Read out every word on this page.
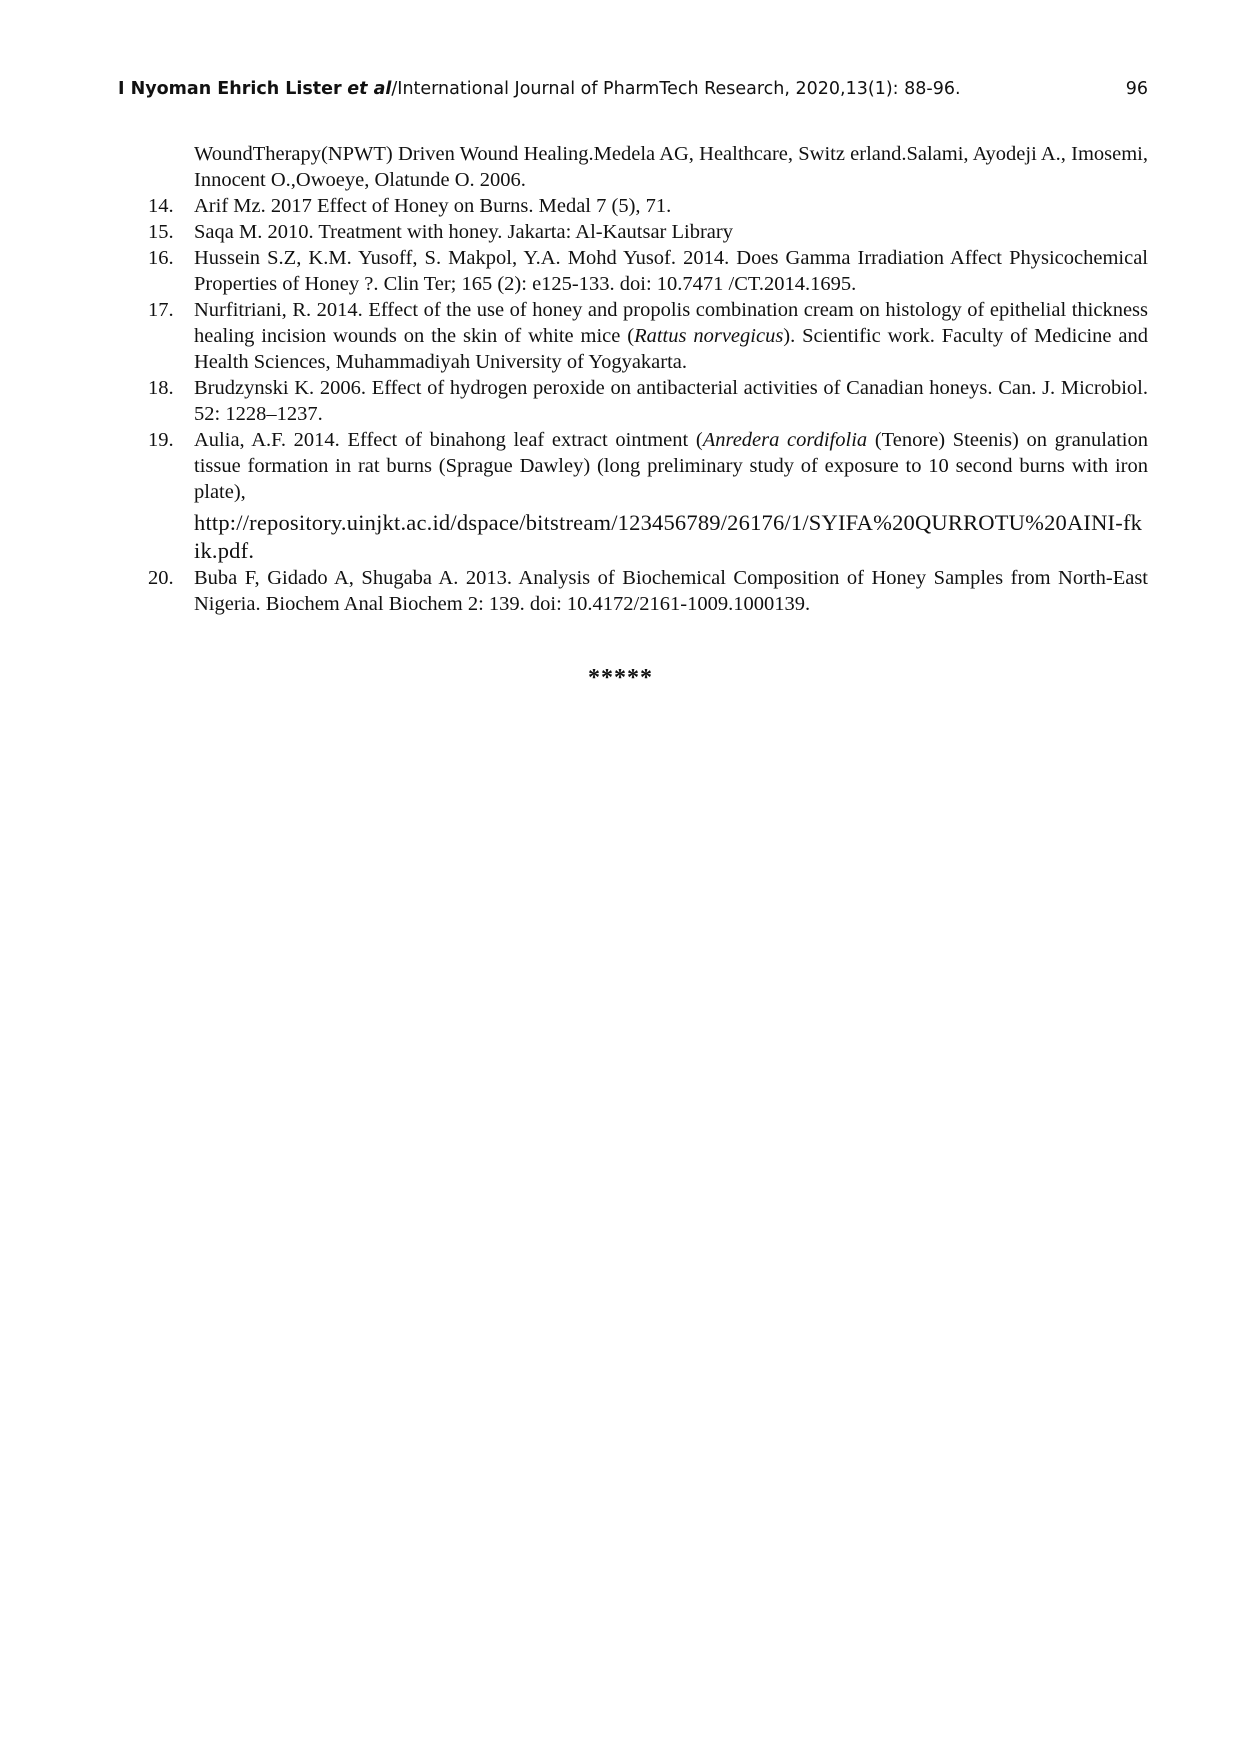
I Nyoman Ehrich Lister et al/International Journal of PharmTech Research, 2020,13(1): 88-96.	96
WoundTherapy(NPWT) Driven Wound Healing.Medela AG, Healthcare, Switz erland.Salami, Ayodeji A., Imosemi, Innocent O.,Owoeye, Olatunde O. 2006.
14. Arif Mz. 2017 Effect of Honey on Burns. Medal 7 (5), 71.
15. Saqa M. 2010. Treatment with honey. Jakarta: Al-Kautsar Library
16. Hussein S.Z, K.M. Yusoff, S. Makpol, Y.A. Mohd Yusof. 2014. Does Gamma Irradiation Affect Physicochemical Properties of Honey ?. Clin Ter; 165 (2): e125-133. doi: 10.7471 /CT.2014.1695.
17. Nurfitriani, R. 2014. Effect of the use of honey and propolis combination cream on histology of epithelial thickness healing incision wounds on the skin of white mice (Rattus norvegicus). Scientific work. Faculty of Medicine and Health Sciences, Muhammadiyah University of Yogyakarta.
18. Brudzynski K. 2006. Effect of hydrogen peroxide on antibacterial activities of Canadian honeys. Can. J. Microbiol. 52: 1228–1237.
19. Aulia, A.F. 2014. Effect of binahong leaf extract ointment (Anredera cordifolia (Tenore) Steenis) on granulation tissue formation in rat burns (Sprague Dawley) (long preliminary study of exposure to 10 second burns with iron plate),
http://repository.uinjkt.ac.id/dspace/bitstream/123456789/26176/1/SYIFA%20QURROTU%20AINI-fkik.pdf.
20. Buba F, Gidado A, Shugaba A. 2013. Analysis of Biochemical Composition of Honey Samples from North-East Nigeria. Biochem Anal Biochem 2: 139. doi: 10.4172/2161-1009.1000139.
*****
